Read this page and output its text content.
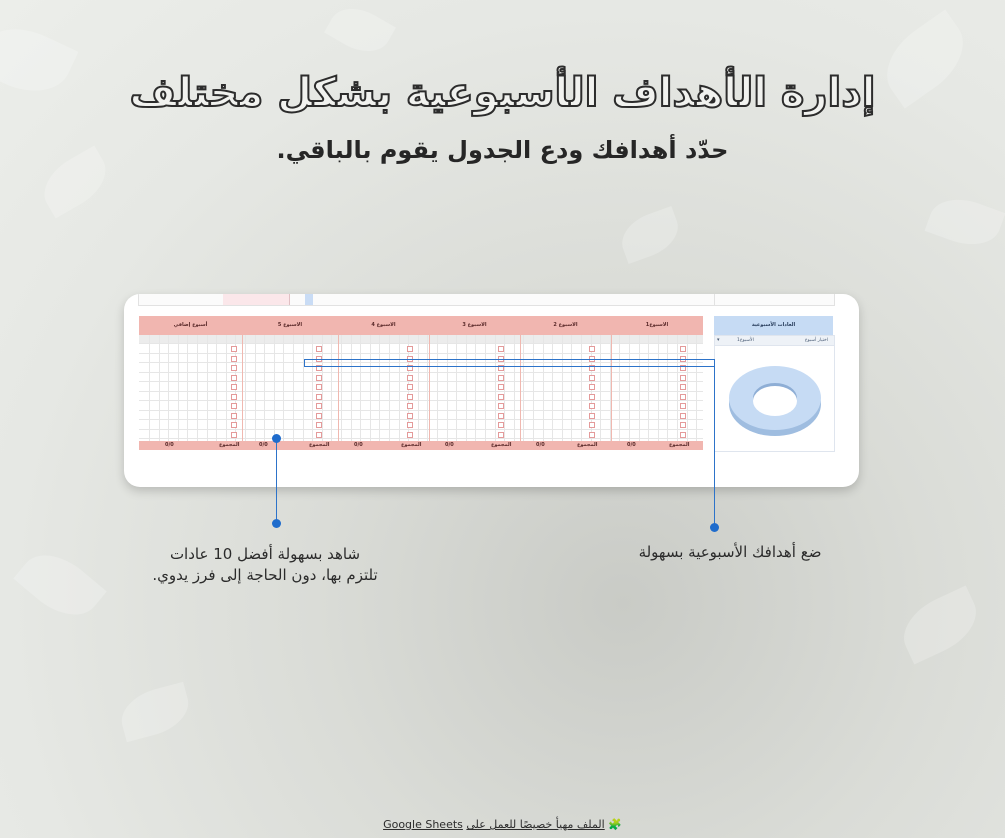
إدارة الأهداف الأسبوعية بشكل مختلف
حدّد أهدافك ودع الجدول يقوم بالباقي.
أسبوع إضافي	الاسبوع 5	الاسبوع 4	الاسبوع 3	الاسبوع 2	الاسبوع1
0/0	المجموع	0/0	المجموع	0/0	المجموع	0/0	المجموع	0/0	المجموع	0/0	المجموع
العادات الأسبوعية
اختيار أسبوع
الأسبوع1
▾
ضع أهدافك الأسبوعية بسهولة
شاهد بسهولة أفضل 10 عادات
تلتزم بها، دون الحاجة إلى فرز يدوي.
🧩 الملف مهيأ خصيصًا للعمل على Google Sheets
